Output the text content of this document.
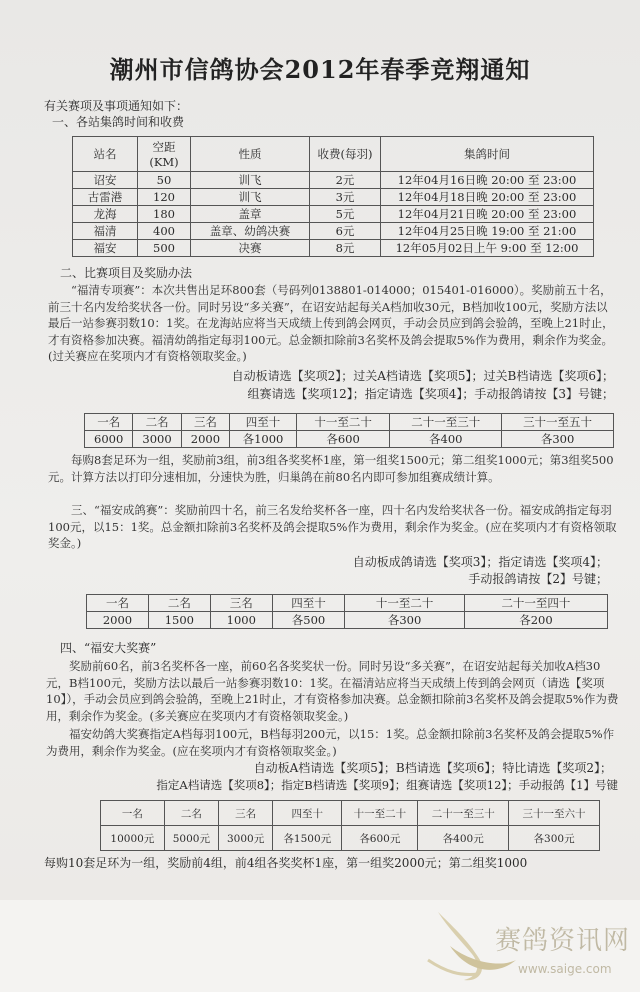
潮州市信鸽协会2012年春季竞翔通知
有关赛项及事项通知如下：
一、各站集鸽时间和收费
站名	空距(KM)	性质	收费(每羽)	集鸽时间
诏安	50	训飞	2元	12年04月16日晚 20:00 至 23:00
古雷港	120	训飞	3元	12年04月18日晚 20:00 至 23:00
龙海	180	盖章	5元	12年04月21日晚 20:00 至 23:00
福清	400	盖章、幼鸽决赛	6元	12年04月25日晚 19:00 至 21:00
福安	500	决赛	8元	12年05月02日上午 9:00 至 12:00
二、比赛项目及奖励办法

“福清专项赛”：本次共售出足环800套（号码列0138801-014000；015401-016000）。奖励前五十名，前三十名内发给奖状各一份。同时另设“多关赛”，在诏安站起每关A档加收30元，B档加收100元，奖励方法以最后一站参赛羽数10：1奖。在龙海站应将当天成绩上传到鸽会网页，手动会员应到鸽会验鸽，至晚上21时止，才有资格参加决赛。福清幼鸽指定每羽100元。总金额扣除前3名奖杯及鸽会提取5%作为费用，剩余作为奖金。(过关赛应在奖项内才有资格领取奖金。)

自动板请选【奖项2】；过关A档请选【奖项5】；过关B档请选【奖项6】；
组赛请选【奖项12】；指定请选【奖项4】；手动报鸽请按【3】号键；
一名	二名	三名	四至十	十一至二十	二十一至三十	三十一至五十
6000	3000	2000	各1000	各600	各400	各300

每购8套足环为一组，奖励前3组，前3组各奖奖杯1座，第一组奖1500元；第二组奖1000元；第3组奖500元。计算方法以打印分速相加，分速快为胜，归巢鸽在前80名内即可参加组赛成绩计算。

三、“福安成鸽赛”：奖励前四十名，前三名发给奖杯各一座，四十名内发给奖状各一份。福安成鸽指定每羽100元，以15：1奖。总金额扣除前3名奖杯及鸽会提取5%作为费用，剩余作为奖金。(应在奖项内才有资格领取奖金。)

自动板成鸽请选【奖项3】；指定请选【奖项4】；
手动报鸽请按【2】号键；
一名	二名	三名	四至十	十一至二十	二十一至四十
2000	1500	1000	各500	各300	各200
四、“福安大奖赛”

奖励前60名，前3名奖杯各一座，前60名各奖奖状一份。同时另设“多关赛”，在诏安站起每关加收A档30元，B档100元，奖励方法以最后一站参赛羽数10：1奖。在福清站应将当天成绩上传到鸽会网页（请选【奖项10】），手动会员应到鸽会验鸽，至晚上21时止，才有资格参加决赛。总金额扣除前3名奖杯及鸽会提取5%作为费用，剩余作为奖金。(多关赛应在奖项内才有资格领取奖金。)

福安幼鸽大奖赛指定A档每羽100元，B档每羽200元，以15：1奖。总金额扣除前3名奖杯及鸽会提取5%作为费用，剩余作为奖金。(应在奖项内才有资格领取奖金。)

自动板A档请选【奖项5】；B档请选【奖项6】；特比请选【奖项2】；
指定A档请选【奖项8】；指定B档请选【奖项9】；组赛请选【奖项12】；手动报鸽【1】号键
一名	二名	三名	四至十	十一至二十	二十一至三十	三十一至六十
10000元	5000元	3000元	各1500元	各600元	各400元	各300元
每购10套足环为一组，奖励前4组，前4组各奖奖杯1座，第一组奖2000元；第二组奖1000
赛鸽资讯网
www.saige.com
